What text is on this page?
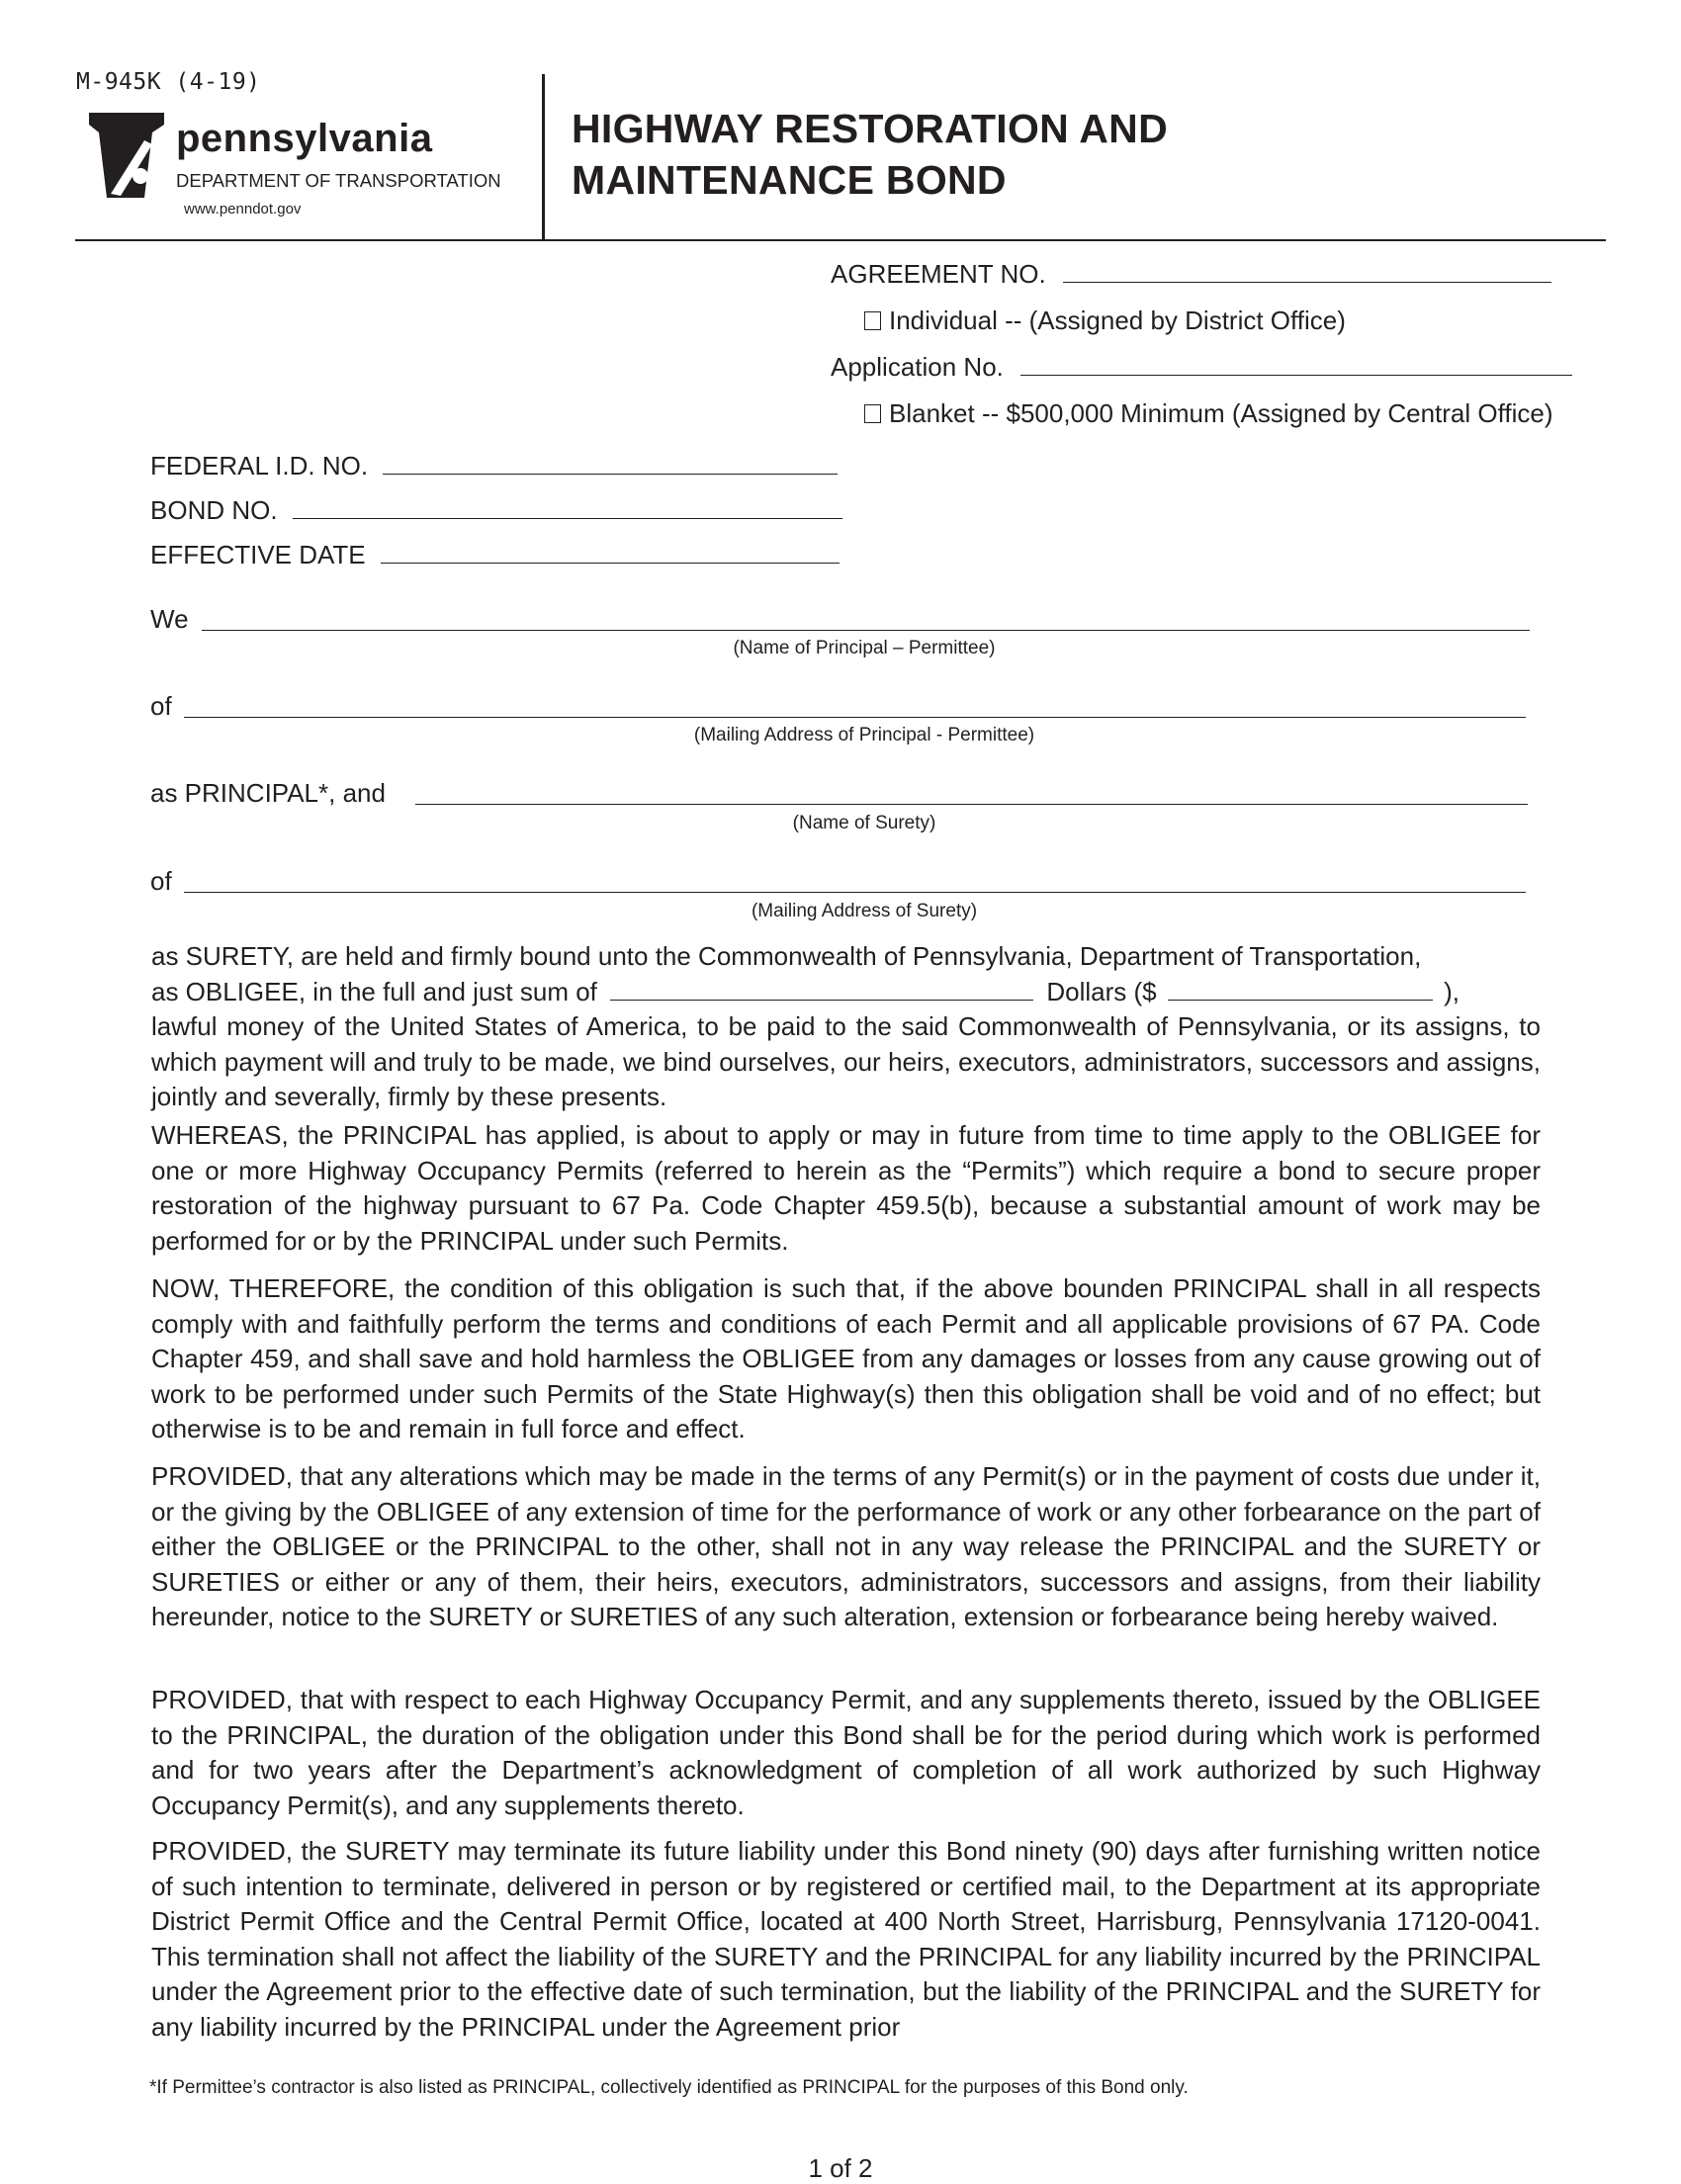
M-945K (4-19)
pennsylvania
DEPARTMENT OF TRANSPORTATION
www.penndot.gov
HIGHWAY RESTORATION AND
MAINTENANCE BOND
AGREEMENT NO.
Individual -- (Assigned by District Office)
Application No.
Blanket -- $500,000 Minimum (Assigned by Central Office)
FEDERAL I.D. NO.
BOND NO.
EFFECTIVE DATE
We
(Name of Principal – Permittee)
of
(Mailing Address of Principal - Permittee)
as PRINCIPAL*, and
(Name of Surety)
of
(Mailing Address of Surety)

as SURETY, are held and firmly bound unto the Commonwealth of Pennsylvania, Department of Transportation,

as OBLIGEE, in the full and just sum of	Dollars ($	),
lawful money of the United States of America, to be paid to the said Commonwealth of Pennsylvania, or its assigns, to which payment will and truly to be made, we bind ourselves, our heirs, executors, administrators, successors and assigns, jointly and severally, firmly by these presents.

WHEREAS, the PRINCIPAL has applied, is about to apply or may in future from time to time apply to the OBLIGEE for one or more Highway Occupancy Permits (referred to herein as the “Permits”) which require a bond to secure proper restoration of the highway pursuant to 67 Pa. Code Chapter 459.5(b), because a substantial amount of work may be performed for or by the PRINCIPAL under such Permits.

NOW, THEREFORE, the condition of this obligation is such that, if the above bounden PRINCIPAL shall in all respects comply with and faithfully perform the terms and conditions of each Permit and all applicable provisions of 67 PA. Code Chapter 459, and shall save and hold harmless the OBLIGEE from any damages or losses from any cause growing out of work to be performed under such Permits of the State Highway(s) then this obligation shall be void and of no effect; but otherwise is to be and remain in full force and effect.

PROVIDED, that any alterations which may be made in the terms of any Permit(s) or in the payment of costs due under it, or the giving by the OBLIGEE of any extension of time for the performance of work or any other forbearance on the part of either the OBLIGEE or the PRINCIPAL to the other, shall not in any way release the PRINCIPAL and the SURETY or SURETIES or either or any of them, their heirs, executors, administrators, successors and assigns, from their liability hereunder, notice to the SURETY or SURETIES of any such alteration, extension or forbearance being hereby waived.

PROVIDED, that with respect to each Highway Occupancy Permit, and any supplements thereto, issued by the OBLIGEE to the PRINCIPAL, the duration of the obligation under this Bond shall be for the period during which work is performed and for two years after the Department’s acknowledgment of completion of all work authorized by such Highway Occupancy Permit(s), and any supplements thereto.

PROVIDED, the SURETY may terminate its future liability under this Bond ninety (90) days after furnishing written notice of such intention to terminate, delivered in person or by registered or certified mail, to the Department at its appropriate District Permit Office and the Central Permit Office, located at 400 North Street, Harrisburg, Pennsylvania 17120-0041. This termination shall not affect the liability of the SURETY and the PRINCIPAL for any liability incurred by the PRINCIPAL under the Agreement prior to the effective date of such termination, but the liability of the PRINCIPAL and the SURETY for any liability incurred by the PRINCIPAL under the Agreement prior

*If Permittee’s contractor is also listed as PRINCIPAL, collectively identified as PRINCIPAL for the purposes of this Bond only.
1 of 2
